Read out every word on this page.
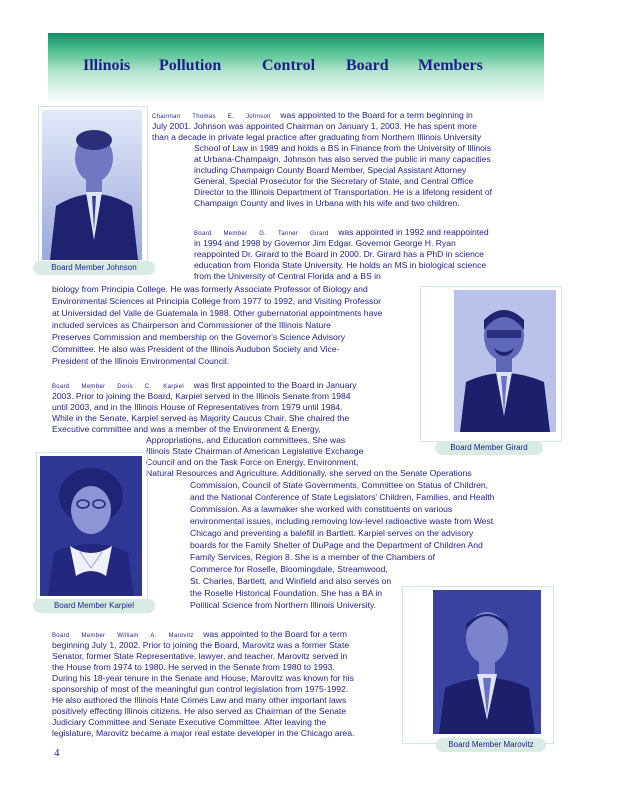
Illinois Pollution	Control Board Members
Board Member Johnson

Chairman Thomas E. Johnson was appointed to the Board for a term beginning in

July 2001. Johnson was appointed Chairman on January 1, 2003. He has spent more

than a decade in private legal practice after graduating from Northern Illinois University

School of Law in 1989 and holds a BS in Finance from the University of Illinois

at Urbana-Champaign. Johnson has also served the public in many capacities

including Champaign County Board Member, Special Assistant Attorney

General, Special Prosecutor for the Secretary of State, and Central Office

Director to the Illinois Department of Transportation. He is a lifelong resident of

Champaign County and lives in Urbana with his wife and two children.

Board Member G. Tanner Girard was appointed in 1992 and reappointed

in 1994 and 1998 by Governor Jim Edgar. Governor George H. Ryan

reappointed Dr. Girard to the Board in 2000. Dr. Girard has a PhD in science

education from Florida State University. He holds an MS in biological science

from the University of Central Florida and a BS in

biology from Principia College. He was formerly Associate Professor of Biology and

Environmental Sciences at Principia College from 1977 to 1992, and Visiting Professor

at Universidad del Valle de Guatemala in 1988. Other gubernatorial appointments have

included services as Chairperson and Commissioner of the Illinois Nature

Preserves Commission and membership on the Governor's Science Advisory

Committee. He also was President of the Illinois Audubon Society and Vice-

President of the Illinois Environmental Council.

Board Member Girard

Board Member Doris C. Karpiel was first appointed to the Board in January

2003. Prior to joining the Board, Karpiel served in the Illinois Senate from 1984

until 2003, and in the Illinois House of Representatives from 1979 until 1984.

While in the Senate, Karpiel served as Majority Caucus Chair. She chaired the

Executive committee and was a member of the Environment & Energy,

Appropriations, and Education committees. She was

Illinois State Chairman of American Legislative Exchange

Council and on the Task Force on Energy, Environment,

Natural Resources and Agriculture. Additionally, she served on the Senate Operations

Commission, Council of State Governments, Committee on Status of Children,

and the National Conference of State Legislators' Children, Families, and Health

Commission. As a lawmaker she worked with constituents on various

environmental issues, including removing low-level radioactive waste from West

Chicago and preventing a balefill in Bartlett. Karpiel serves on the advisory

boards for the Family Shelter of DuPage and the Department of Children And

Family Services, Region 8. She is a member of the Chambers of

Commerce for Roselle, Bloomingdale, Streamwood,

St. Charles, Bartlett, and Winfield and also serves on

the Roselle Historical Foundation. She has a BA in

Political Science from Northern Illinois University.

Board Member Karpiel

Board Member William A. Marovitz was appointed to the Board for a term

beginning July 1, 2002. Prior to joining the Board, Marovitz was a former State

Senator, former State Representative, lawyer, and teacher. Marovitz served in

the House from 1974 to 1980. He served in the Senate from 1980 to 1993.

During his 18-year tenure in the Senate and House, Marovitz was known for his

sponsorship of most of the meaningful gun control legislation from 1975-1992.

He also authored the Illinois Hate Crimes Law and many other important laws

positively effecting Illinois citizens. He also served as Chairman of the Senate

Judiciary Committee and Senate Executive Committee. After leaving the

legislature, Marovitz became a major real estate developer in the Chicago area.

Board Member Marovitz
4
